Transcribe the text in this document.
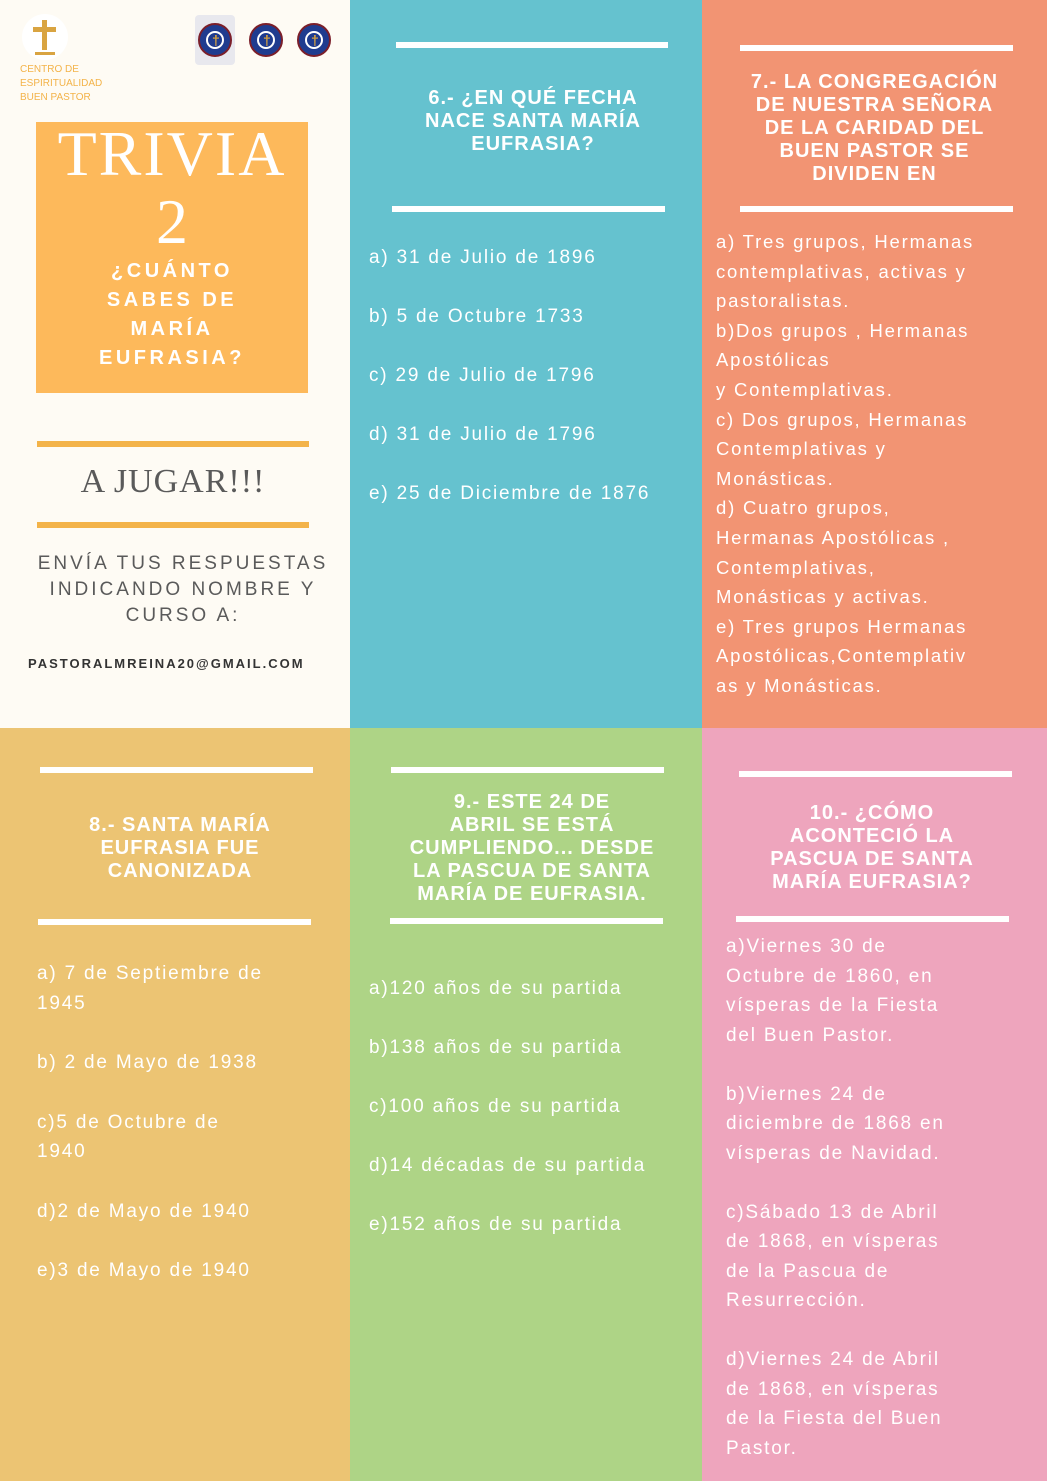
CENTRO DE
ESPIRITUALIDAD
BUEN PASTOR
†	†	†
TRIVIA
2
¿CUÁNTO
SABES DE
MARÍA
EUFRASIA?
A JUGAR!!!
ENVÍA TUS RESPUESTAS
INDICANDO NOMBRE Y
CURSO A:
PASTORALMREINA20@GMAIL.COM
6.- ¿EN QUÉ FECHA
NACE SANTA MARÍA
EUFRASIA?
a) 31 de Julio de 1896
b) 5 de Octubre 1733
c) 29 de Julio de 1796
d) 31 de Julio de 1796
e) 25 de Diciembre de 1876
7.- LA CONGREGACIÓN
DE NUESTRA SEÑORA
DE LA CARIDAD DEL
BUEN PASTOR SE
DIVIDEN EN
a) Tres grupos, Hermanas
contemplativas, activas y
pastoralistas.
b)Dos grupos , Hermanas
Apostólicas
y Contemplativas.
c) Dos grupos, Hermanas
Contemplativas y
Monásticas.
d) Cuatro grupos,
Hermanas Apostólicas ,
Contemplativas,
Monásticas y activas.
e) Tres grupos Hermanas
Apostólicas,Contemplativ
as y Monásticas.
8.- SANTA MARÍA
EUFRASIA FUE
CANONIZADA
a) 7 de Septiembre de
1945
b) 2 de Mayo de 1938
c)5 de Octubre de
1940
d)2 de Mayo de 1940
e)3 de Mayo de 1940
9.- ESTE 24 DE
ABRIL SE ESTÁ
CUMPLIENDO... DESDE
LA PASCUA DE SANTA
MARÍA DE EUFRASIA.
a)120 años de su partida
b)138 años de su partida
c)100 años de su partida
d)14 décadas de su partida
e)152 años de su partida
10.- ¿CÓMO
ACONTECIÓ LA
PASCUA DE SANTA
MARÍA EUFRASIA?
a)Viernes 30 de
Octubre de 1860, en
vísperas de la Fiesta
del Buen Pastor.
b)Viernes 24 de
diciembre de 1868 en
vísperas de Navidad.
c)Sábado 13 de Abril
de 1868, en vísperas
de la Pascua de
Resurrección.
d)Viernes 24 de Abril
de 1868, en vísperas
de la Fiesta del Buen
Pastor.
